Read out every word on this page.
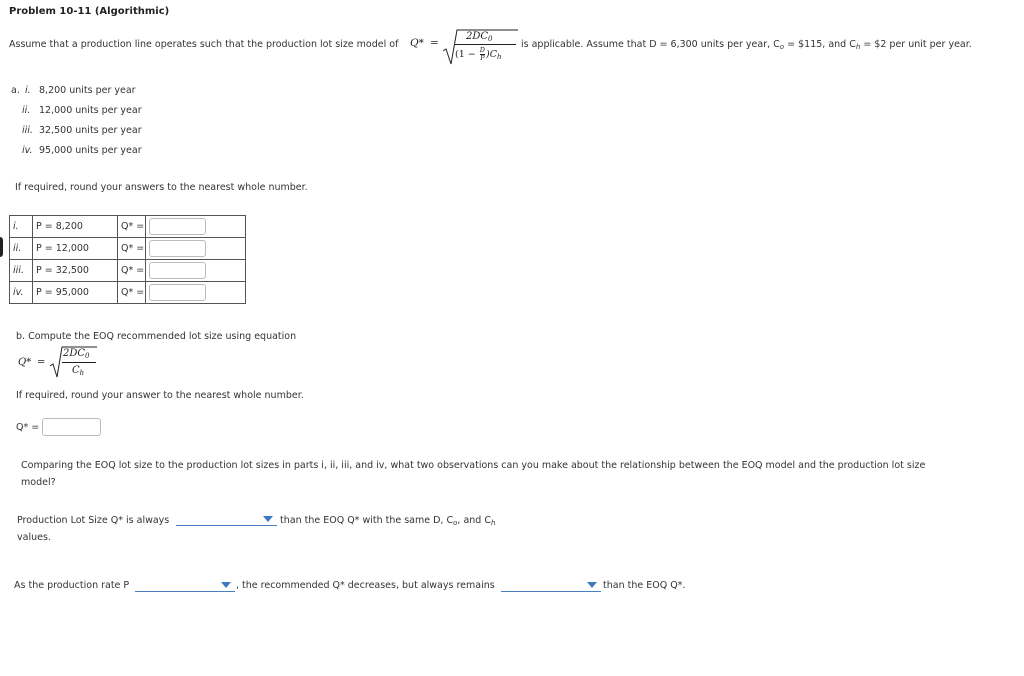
Problem 10-11 (Algorithmic)
Assume that a production line operates such that the production lot size model of Q* =
$2DC_0$
$(1 - \frac{D}{P} )C_h$
is applicable. Assume that D = 6,300 units per year, $C_o$ = $115, and $C_h$ = $2 per unit per year.
a. i. 8,200 units per year
ii. 12,000 units per year
iii. 32,500 units per year
iv. 95,000 units per year
If required, round your answers to the nearest whole number.
i.	P = 8,200	Q* =	
ii.	P = 12,000	Q* =	
iii.	P = 32,500	Q* =	
iv.	P = 95,000	Q* =	
b. Compute the EOQ recommended lot size using equation
Q* =
$2DC_0$
$C_h$
If required, round your answer to the nearest whole number.
Q* =
Comparing the EOQ lot size to the production lot sizes in parts i, ii, iii, and iv, what two observations can you make about the relationship between the EOQ model and the production lot size
model?
Production Lot Size Q* is always	than the EOQ Q* with the same D, $C_o$, and $C_h$
values.
As the production rate P	, the recommended Q* decreases, but always remains	than the EOQ Q*.
